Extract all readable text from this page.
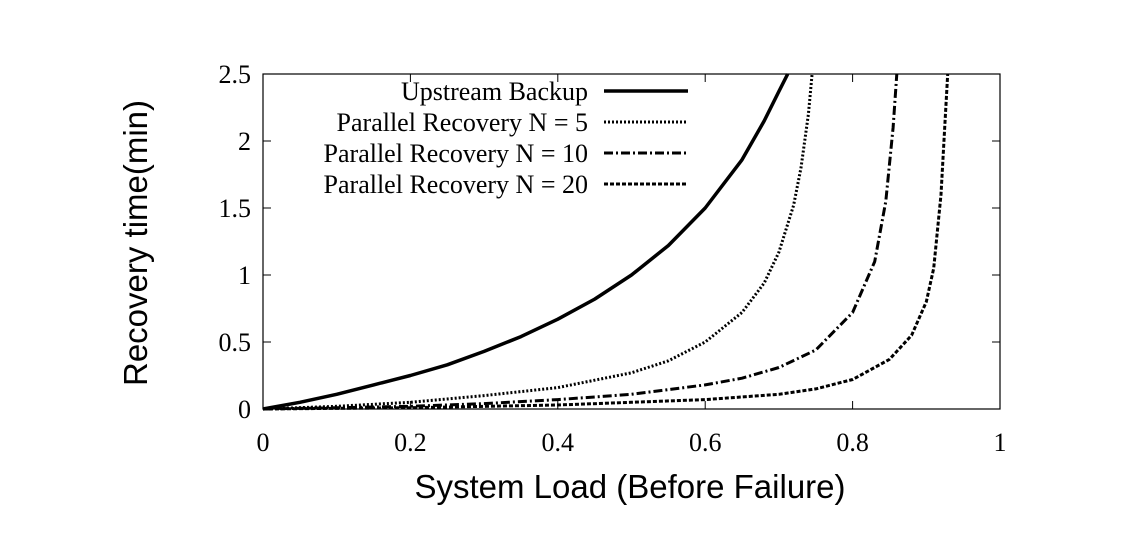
0	0.2	0.4	0.6	0.8	1
0
0.5
1
1.5
2
2.5
Upstream Backup
Parallel Recovery N = 5
Parallel Recovery N = 10
Parallel Recovery N = 20
System Load (Before Failure)
Recovery time(min)
